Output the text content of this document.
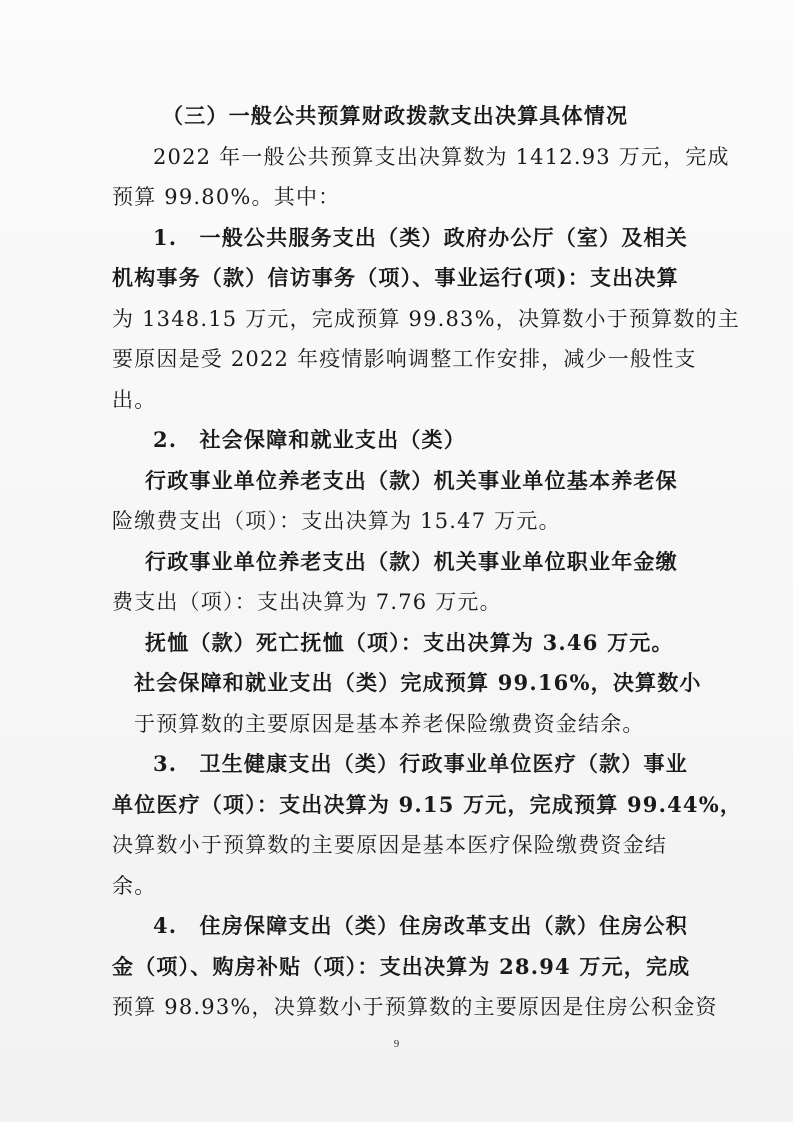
（三）一般公共预算财政拨款支出决算具体情况
2022 年一般公共预算支出决算数为 1412.93 万元，完成
预算 99.80%。其中：
1.　一般公共服务支出（类）政府办公厅（室）及相关
机构事务（款）信访事务（项）、事业运行(项)：支出决算
为 1348.15 万元，完成预算 99.83%，决算数小于预算数的主
要原因是受 2022 年疫情影响调整工作安排，减少一般性支
出。
2.　社会保障和就业支出（类）
行政事业单位养老支出（款）机关事业单位基本养老保
险缴费支出（项）：支出决算为 15.47 万元。
行政事业单位养老支出（款）机关事业单位职业年金缴
费支出（项）：支出决算为 7.76 万元。
抚恤（款）死亡抚恤（项）：支出决算为 3.46 万元。
社会保障和就业支出（类）完成预算 99.16%，决算数小
于预算数的主要原因是基本养老保险缴费资金结余。
3.　卫生健康支出（类）行政事业单位医疗（款）事业
单位医疗（项）：支出决算为 9.15 万元，完成预算 99.44%，
决算数小于预算数的主要原因是基本医疗保险缴费资金结
余。
4.　住房保障支出（类）住房改革支出（款）住房公积
金（项）、购房补贴（项）：支出决算为 28.94 万元，完成
预算 98.93%，决算数小于预算数的主要原因是住房公积金资
9
